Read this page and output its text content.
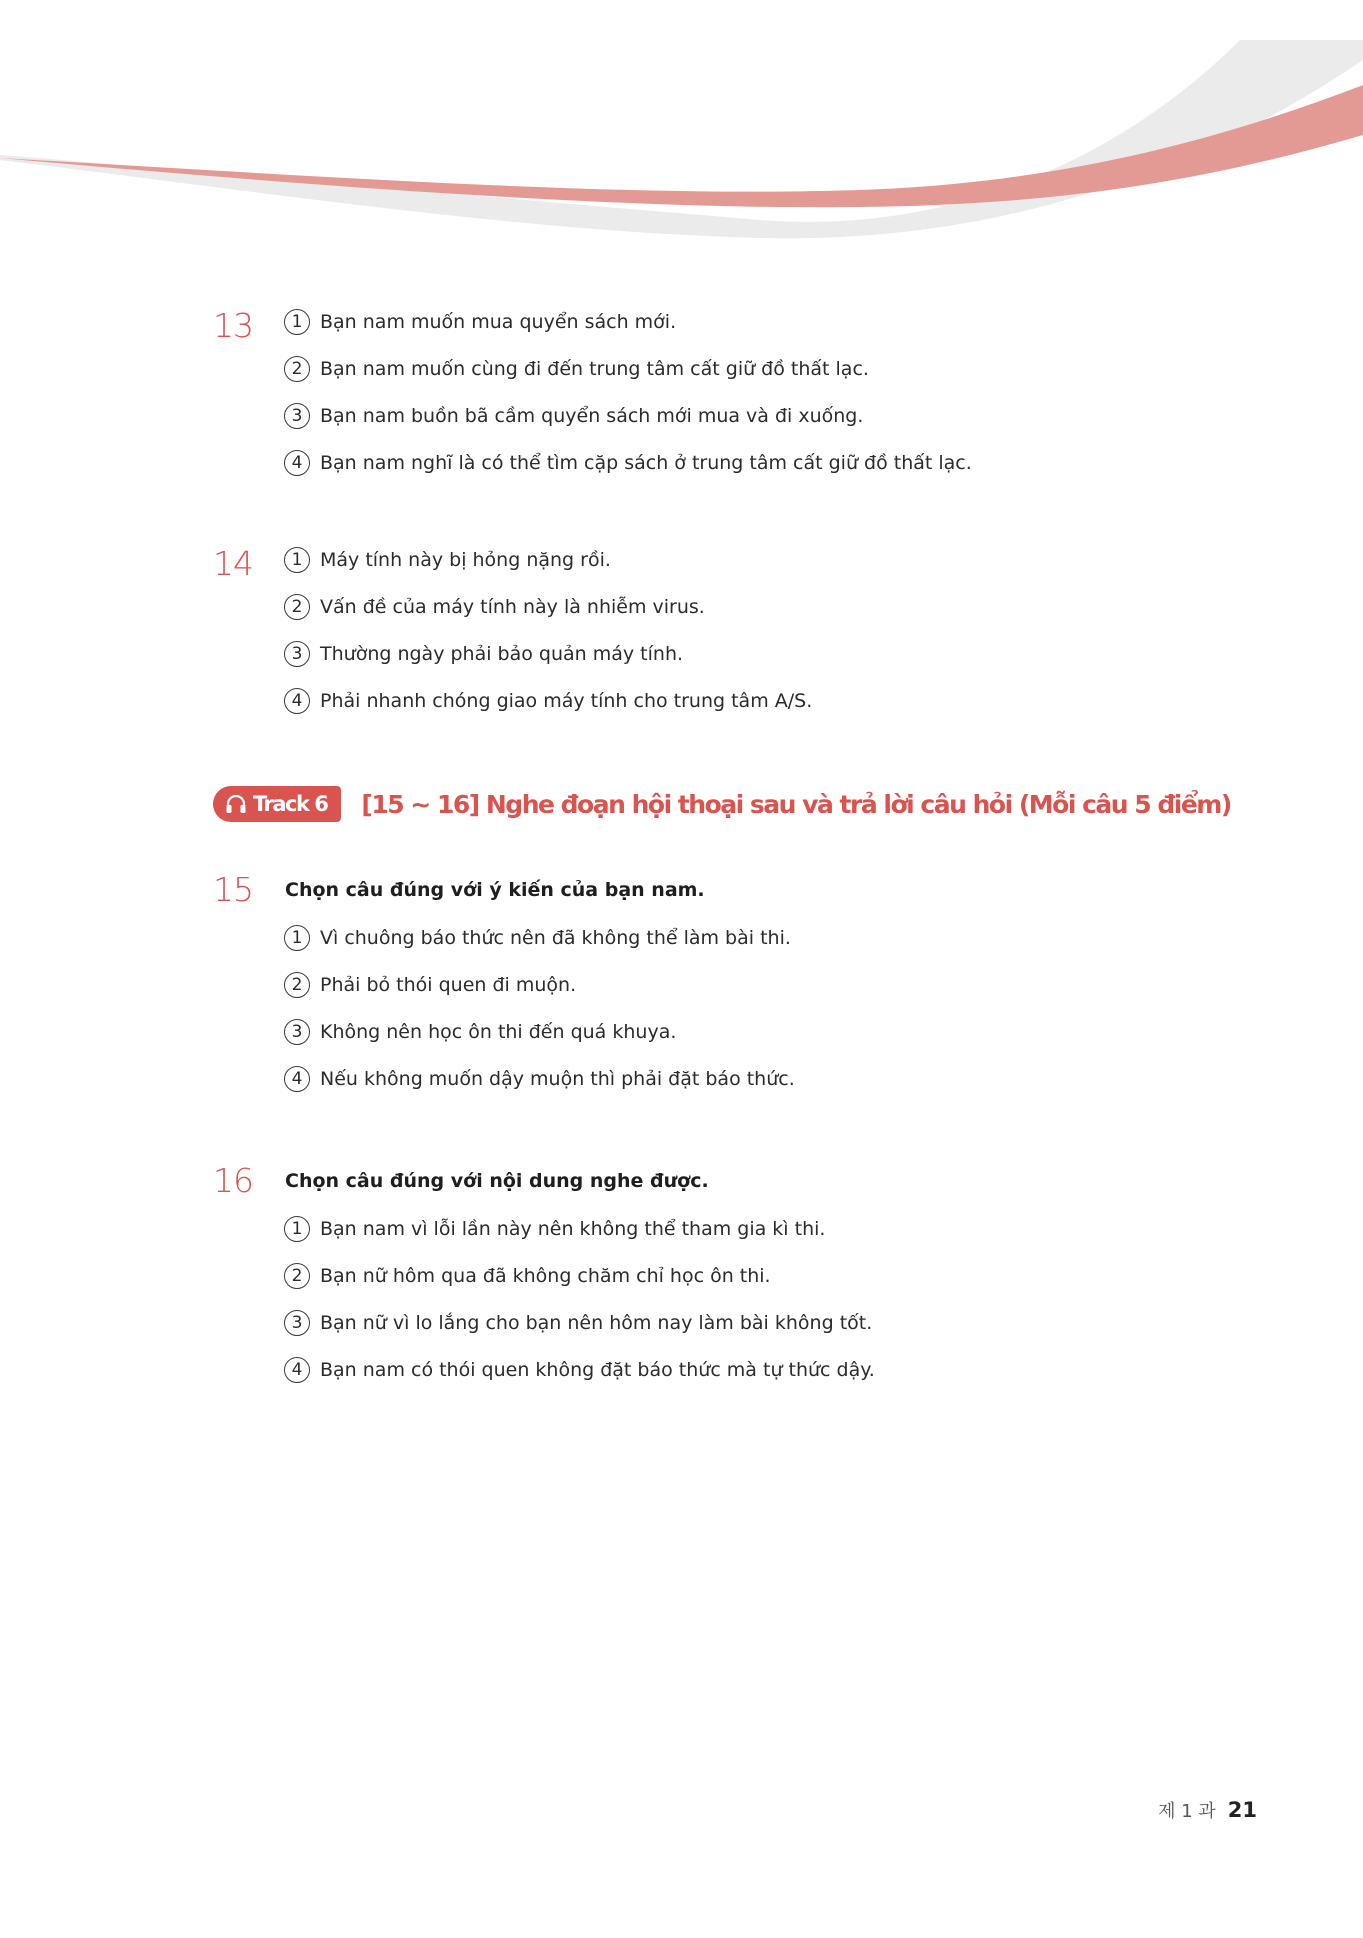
13	1 Bạn nam muốn mua quyển sách mới.
2 Bạn nam muốn cùng đi đến trung tâm cất giữ đồ thất lạc.
3 Bạn nam buồn bã cầm quyển sách mới mua và đi xuống.
4 Bạn nam nghĩ là có thể tìm cặp sách ở trung tâm cất giữ đồ thất lạc.
14	1 Máy tính này bị hỏng nặng rồi.
2 Vấn đề của máy tính này là nhiễm virus.
3 Thường ngày phải bảo quản máy tính.
4 Phải nhanh chóng giao máy tính cho trung tâm A/S.
Track 6 [15 ~ 16] Nghe đoạn hội thoại sau và trả lời câu hỏi (Mỗi câu 5 điểm)
15 Chọn câu đúng với ý kiến của bạn nam.
1 Vì chuông báo thức nên đã không thể làm bài thi.
2 Phải bỏ thói quen đi muộn.
3 Không nên học ôn thi đến quá khuya.
4 Nếu không muốn dậy muộn thì phải đặt báo thức.
16 Chọn câu đúng với nội dung nghe được.
1 Bạn nam vì lỗi lần này nên không thể tham gia kì thi.
2 Bạn nữ hôm qua đã không chăm chỉ học ôn thi.
3 Bạn nữ vì lo lắng cho bạn nên hôm nay làm bài không tốt.
4 Bạn nam có thói quen không đặt báo thức mà tự thức dậy.
제 1 과 21
